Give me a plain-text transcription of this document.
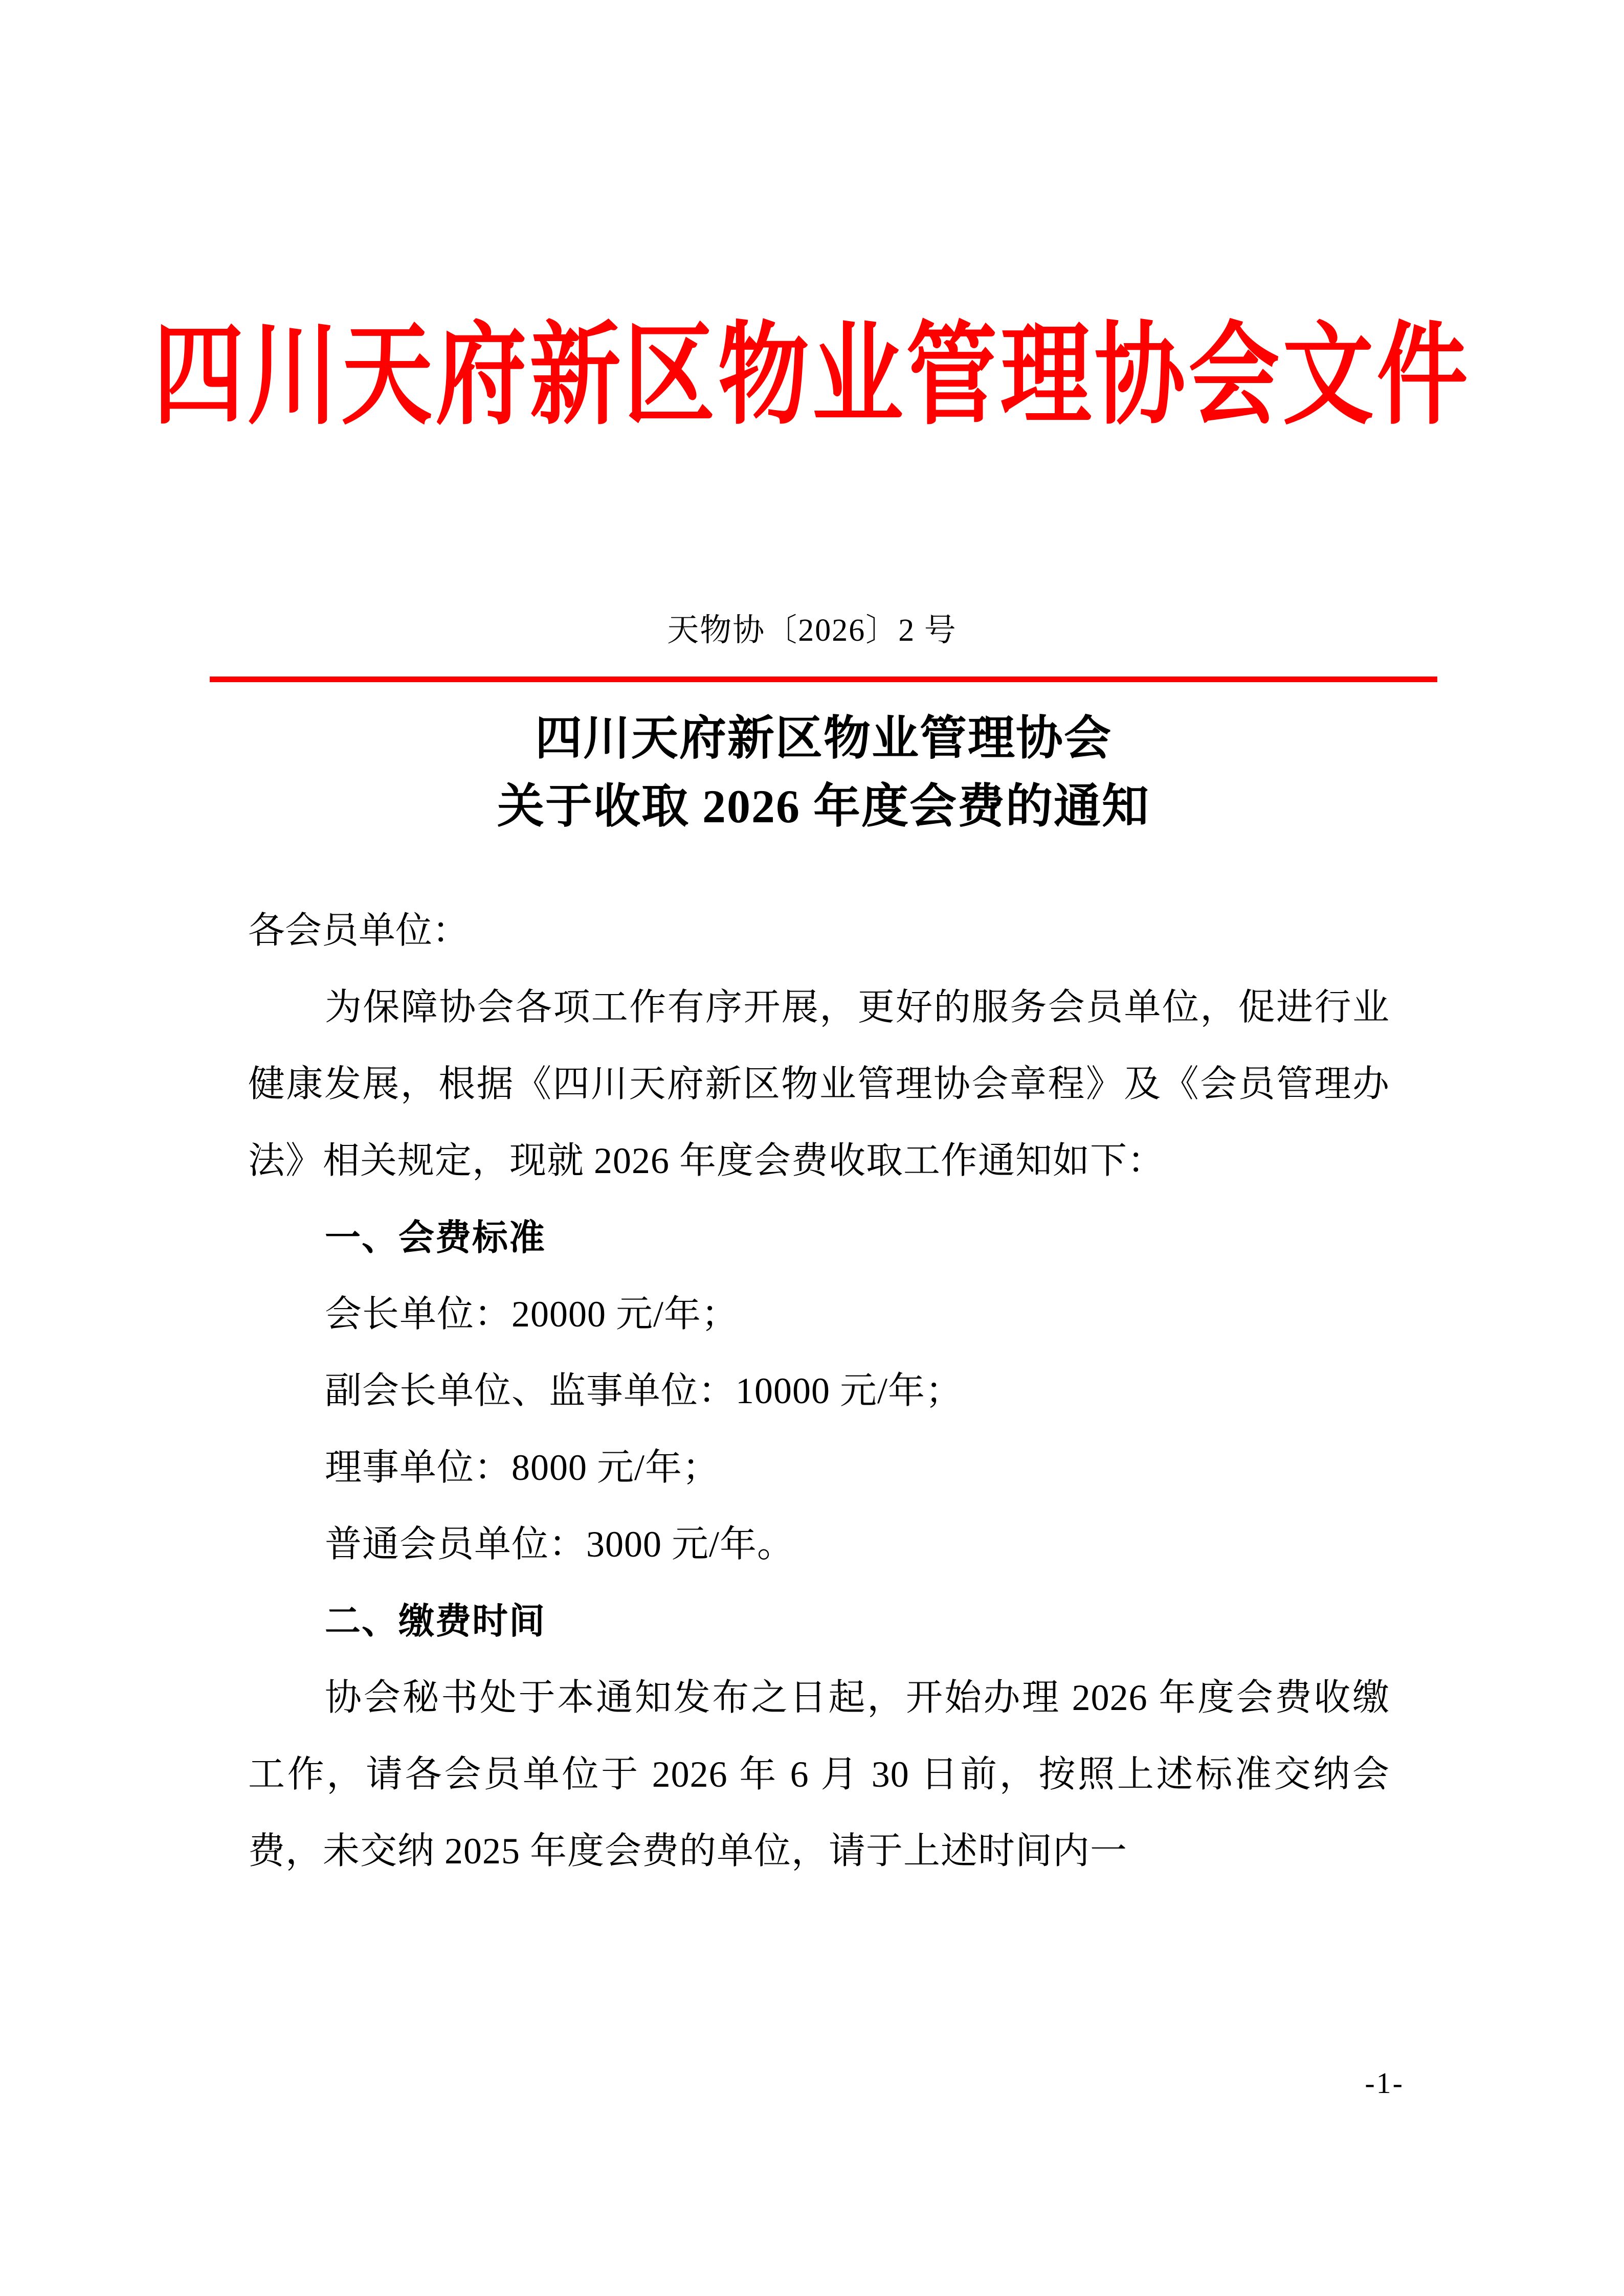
四川天府新区物业管理协会文件
天物协〔2026〕2 号
四川天府新区物业管理协会
关于收取 2026 年度会费的通知

各会员单位：

为保障协会各项工作有序开展，更好的服务会员单位，促进行业健康发展，根据《四川天府新区物业管理协会章程》及《会员管理办法》相关规定，现就 2026 年度会费收取工作通知如下：

一、会费标准

会长单位：20000 元/年；

副会长单位、监事单位：10000 元/年；

理事单位：8000 元/年；

普通会员单位：3000 元/年。

二、缴费时间

协会秘书处于本通知发布之日起，开始办理 2026 年度会费收缴工作，请各会员单位于 2026 年 6 月 30 日前，按照上述标准交纳会费，未交纳 2025 年度会费的单位，请于上述时间内一

-1-
